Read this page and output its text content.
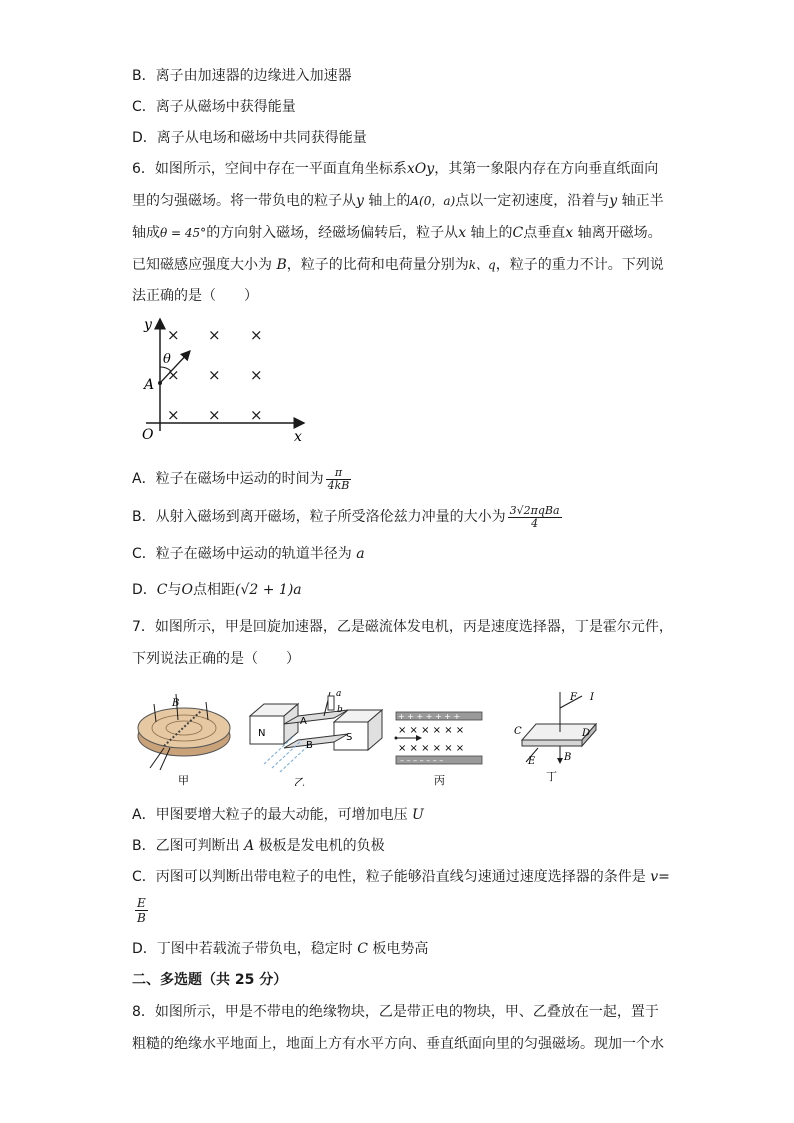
B．离子由加速器的边缘进入加速器
C．离子从磁场中获得能量
D．离子从电场和磁场中共同获得能量
6．如图所示，空间中存在一平面直角坐标系xOy，其第一象限内存在方向垂直纸面向
里的匀强磁场。将一带负电的粒子从y 轴上的A(0，a)点以一定初速度，沿着与y 轴正半
轴成θ = 45°的方向射入磁场，经磁场偏转后，粒子从x 轴上的C点垂直x 轴离开磁场。
已知磁感应强度大小为 B，粒子的比荷和电荷量分别为k、q，粒子的重力不计。下列说
法正确的是（　　）
y
x
O
A
θ
× × ×
× × ×
× × ×
A．粒子在磁场中运动的时间为 $\frac{\pi}{4kB}$
B．从射入磁场到离开磁场，粒子所受洛伦兹力冲量的大小为 $\frac{\text{3√2πqBa}}{4}$
C．粒子在磁场中运动的轨道半径为 a
D．C与O点相距(√2 + 1)a
7．如图所示，甲是回旋加速器，乙是磁流体发电机，丙是速度选择器，丁是霍尔元件，
下列说法正确的是（　　）
B
甲
N
A
S
B
a
b
乙
+ + + + + + +
– – – – – – –
× × × × × ×
× × × × × ×
丙
F I
C	D
E	B
丁
A．甲图要增大粒子的最大动能，可增加电压 U
B．乙图可判断出 A 极板是发电机的负极
C．丙图可以判断出带电粒子的电性，粒子能够沿直线匀速通过速度选择器的条件是 v=
$\frac{E}{B}$
D．丁图中若载流子带负电，稳定时 C 板电势高
二、多选题（共 25 分）
8．如图所示，甲是不带电的绝缘物块，乙是带正电的物块，甲、乙叠放在一起，置于
粗糙的绝缘水平地面上，地面上方有水平方向、垂直纸面向里的匀强磁场。现加一个水
